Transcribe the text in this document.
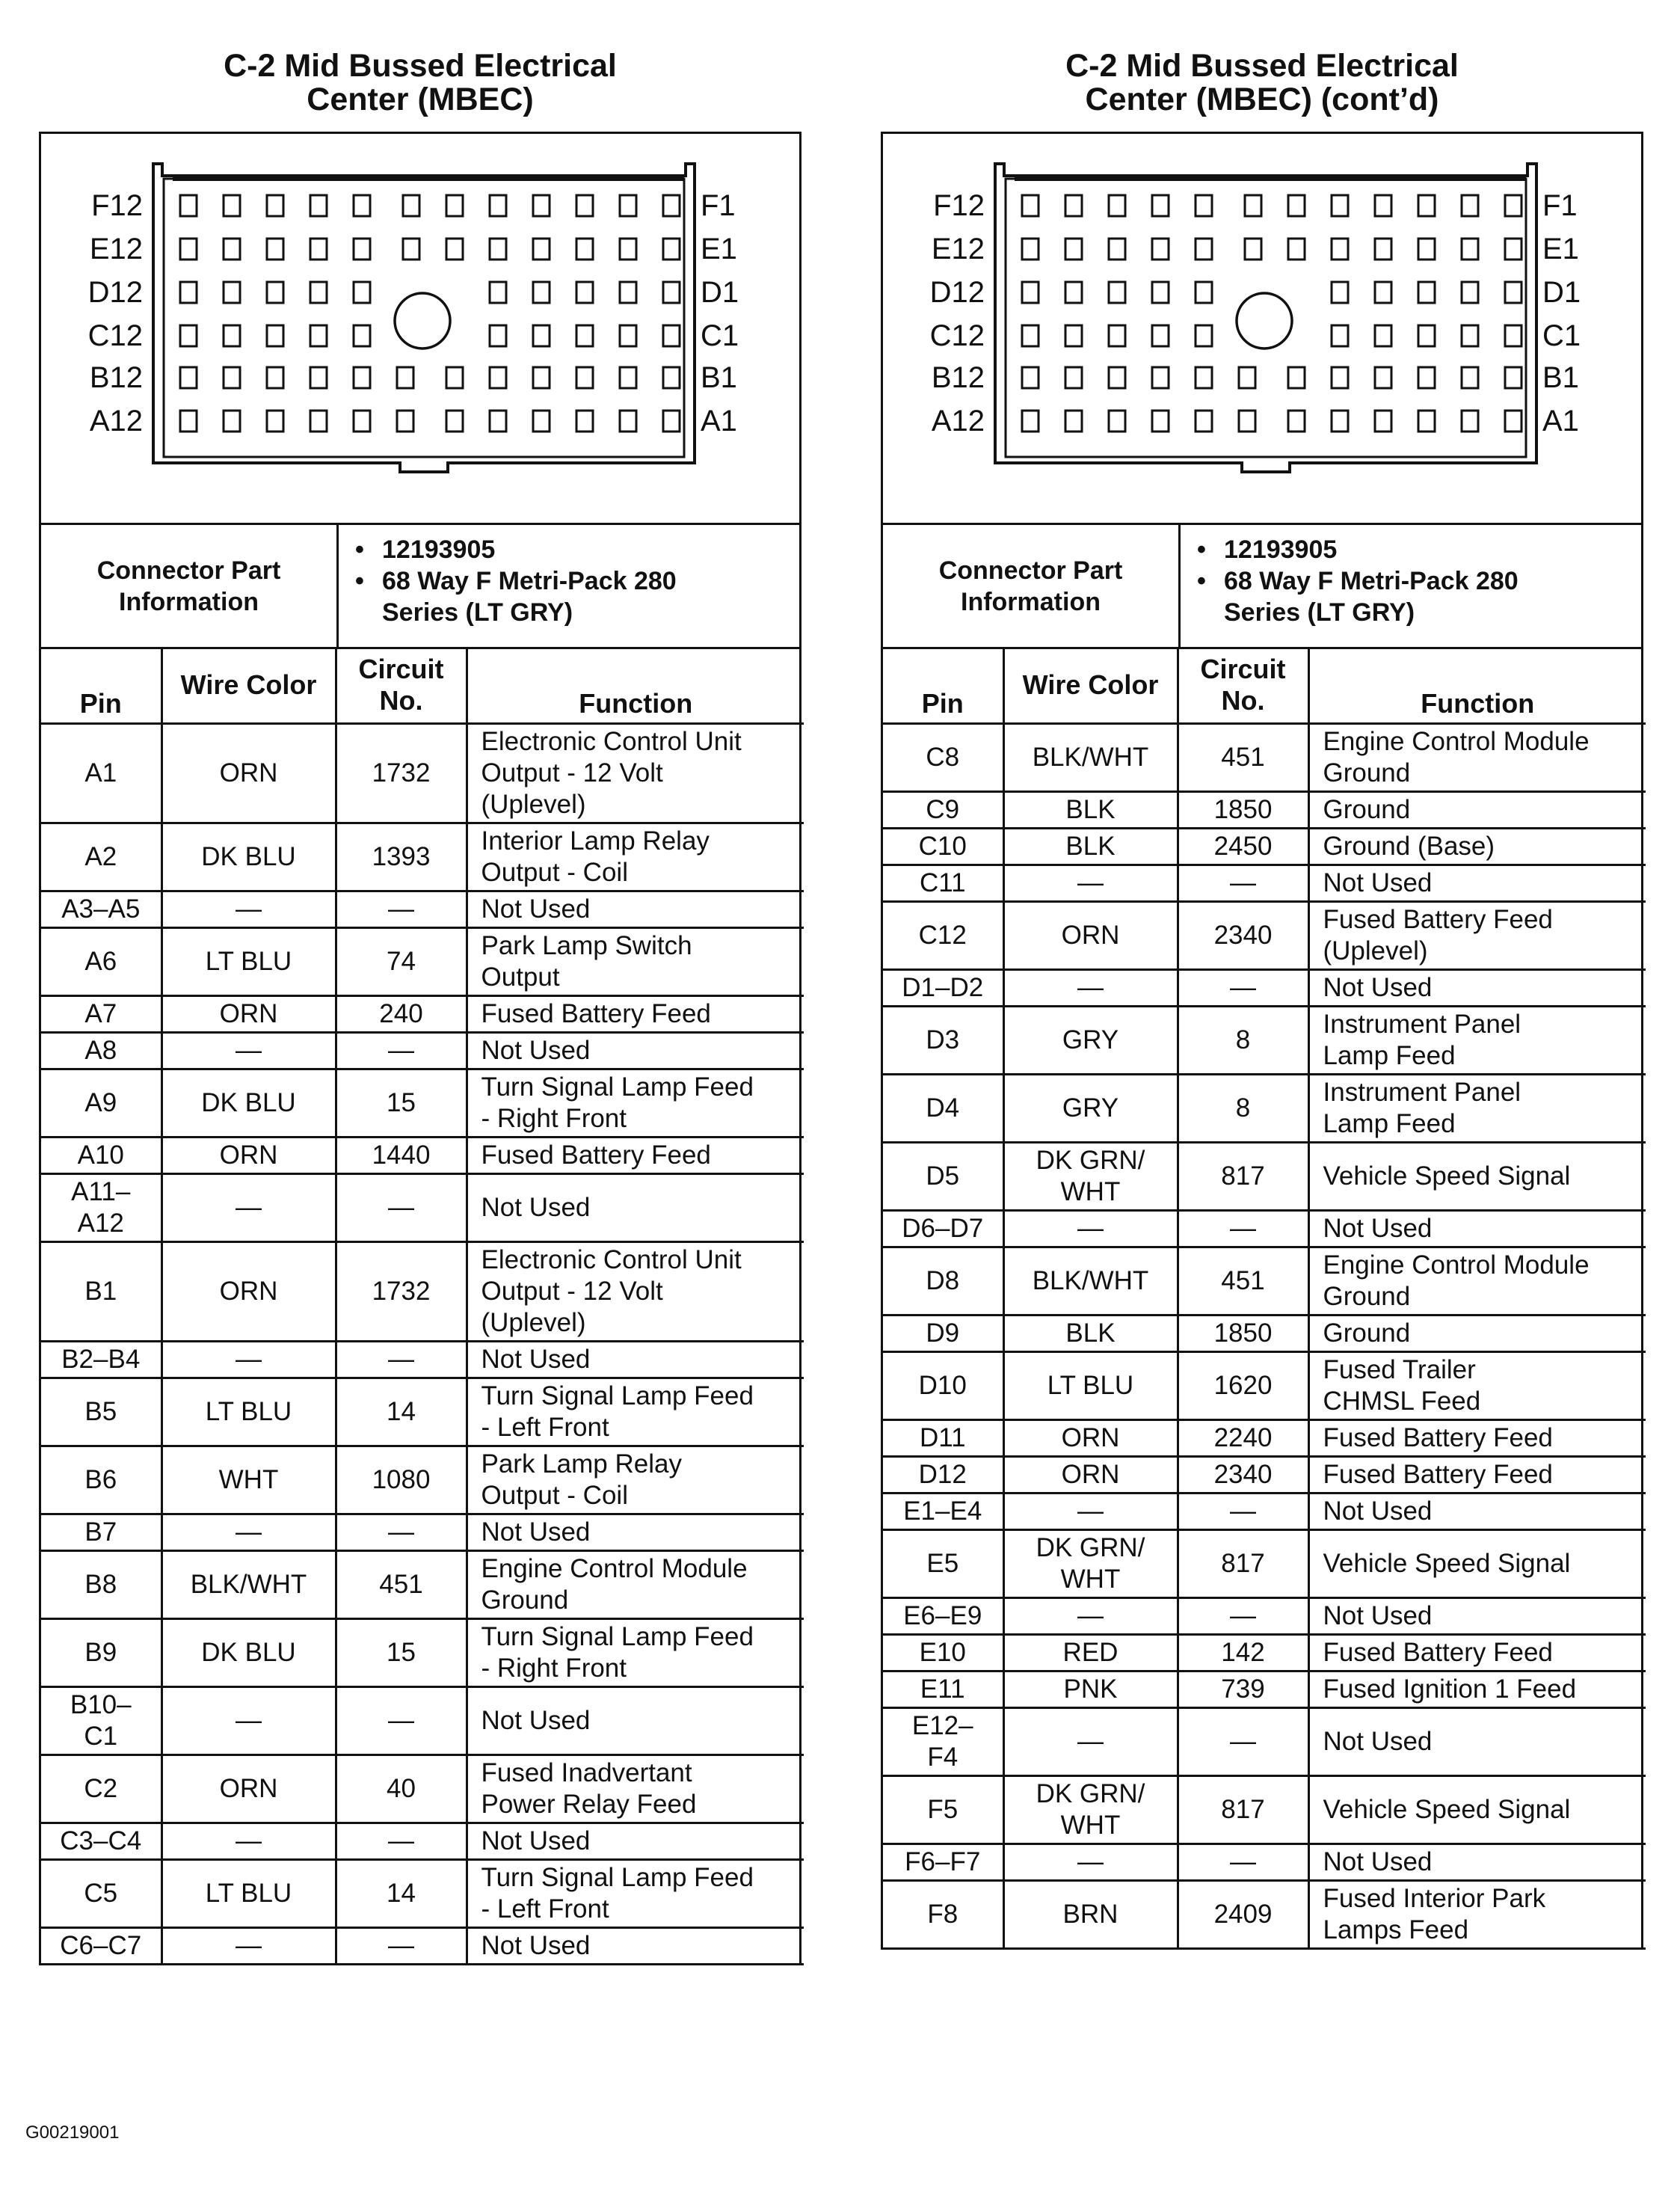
C-2 Mid Bussed Electrical
Center (MBEC)
F12	F1
E12	E1
D12	D1
C12	C1
B12	B1
A12	A1
Connector Part
Information
• 12193905
• 68 Way F Metri-Pack 280
Series (LT GRY)
Pin	Wire Color	Circuit
No.	Function
A1	ORN	1732	Electronic Control Unit
Output - 12 Volt
(Uplevel)
A2	DK BLU	1393	Interior Lamp Relay
Output - Coil
A3–A5	—	—	Not Used
A6	LT BLU	74	Park Lamp Switch
Output
A7	ORN	240	Fused Battery Feed
A8	—	—	Not Used
A9	DK BLU	15	Turn Signal Lamp Feed
- Right Front
A10	ORN	1440	Fused Battery Feed
A11–
A12	—	—	Not Used
B1	ORN	1732	Electronic Control Unit
Output - 12 Volt
(Uplevel)
B2–B4	—	—	Not Used
B5	LT BLU	14	Turn Signal Lamp Feed
- Left Front
B6	WHT	1080	Park Lamp Relay
Output - Coil
B7	—	—	Not Used
B8	BLK/WHT	451	Engine Control Module
Ground
B9	DK BLU	15	Turn Signal Lamp Feed
- Right Front
B10–
C1	—	—	Not Used
C2	ORN	40	Fused Inadvertant
Power Relay Feed
C3–C4	—	—	Not Used
C5	LT BLU	14	Turn Signal Lamp Feed
- Left Front
C6–C7	—	—	Not Used
C-2 Mid Bussed Electrical
Center (MBEC) (cont’d)
F12	F1
E12	E1
D12	D1
C12	C1
B12	B1
A12	A1
Connector Part
Information
• 12193905
• 68 Way F Metri-Pack 280
Series (LT GRY)
Pin	Wire Color	Circuit
No.	Function
C8	BLK/WHT	451	Engine Control Module
Ground
C9	BLK	1850	Ground
C10	BLK	2450	Ground (Base)
C11	—	—	Not Used
C12	ORN	2340	Fused Battery Feed
(Uplevel)
D1–D2	—	—	Not Used
D3	GRY	8	Instrument Panel
Lamp Feed
D4	GRY	8	Instrument Panel
Lamp Feed
D5	DK GRN/
WHT	817	Vehicle Speed Signal
D6–D7	—	—	Not Used
D8	BLK/WHT	451	Engine Control Module
Ground
D9	BLK	1850	Ground
D10	LT BLU	1620	Fused Trailer
CHMSL Feed
D11	ORN	2240	Fused Battery Feed
D12	ORN	2340	Fused Battery Feed
E1–E4	—	—	Not Used
E5	DK GRN/
WHT	817	Vehicle Speed Signal
E6–E9	—	—	Not Used
E10	RED	142	Fused Battery Feed
E11	PNK	739	Fused Ignition 1 Feed
E12–
F4	—	—	Not Used
F5	DK GRN/
WHT	817	Vehicle Speed Signal
F6–F7	—	—	Not Used
F8	BRN	2409	Fused Interior Park
Lamps Feed
G00219001
